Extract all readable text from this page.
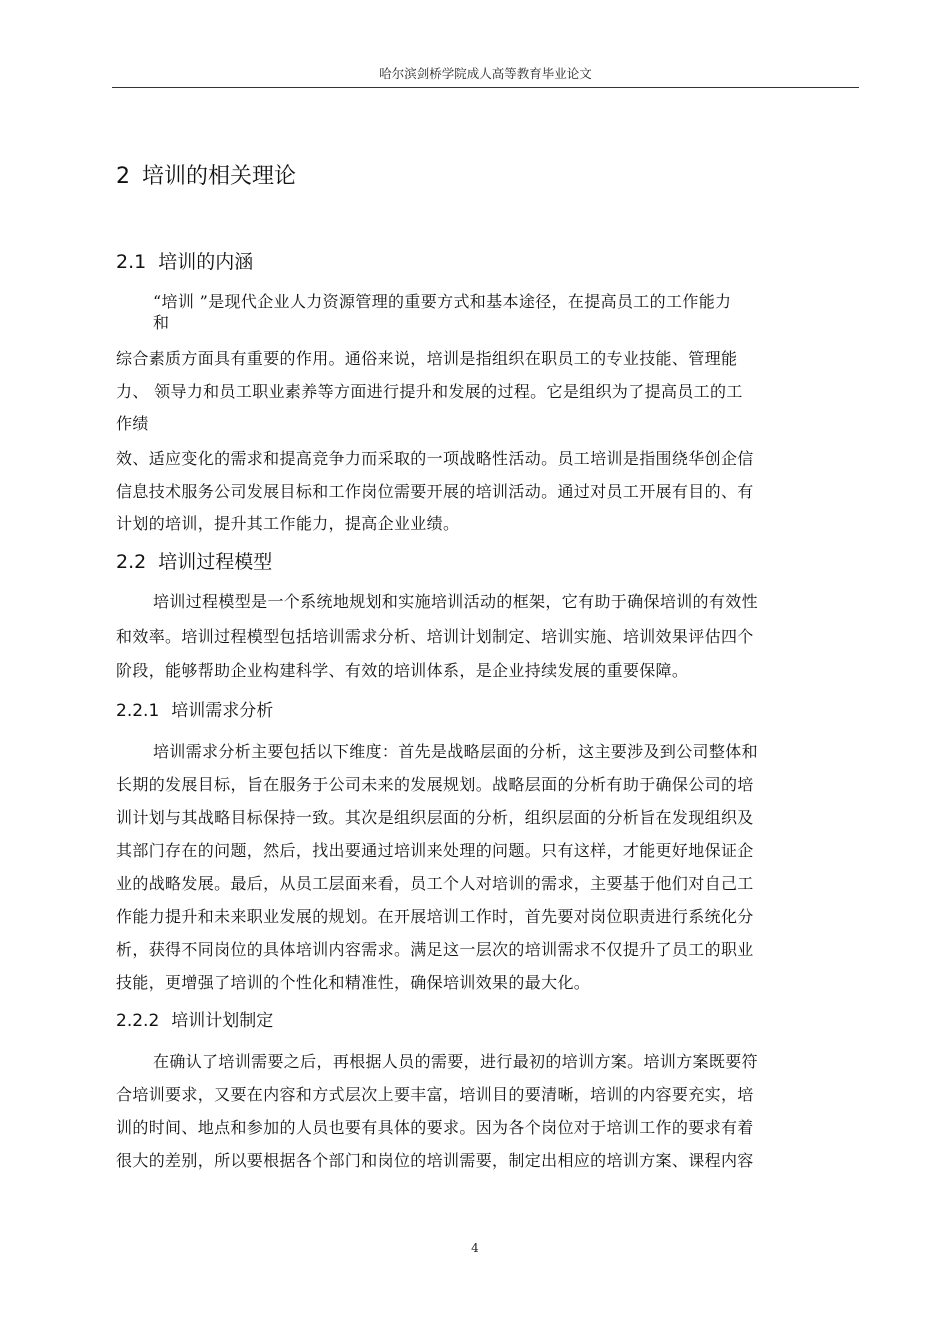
哈尔滨剑桥学院成人高等教育毕业论文
2 培训的相关理论
2.1 培训的内涵
“培训 ”是现代企业人力资源管理的重要方式和基本途径，在提高员工的工作能力
和
综合素质方面具有重要的作用。通俗来说，培训是指组织在职员工的专业技能、管理能
力、 领导力和员工职业素养等方面进行提升和发展的过程。它是组织为了提高员工的工
作绩
效、适应变化的需求和提高竞争力而采取的一项战略性活动。员工培训是指围绕华创企信
信息技术服务公司发展目标和工作岗位需要开展的培训活动。通过对员工开展有目的、有
计划的培训，提升其工作能力，提高企业业绩。
2.2 培训过程模型
培训过程模型是一个系统地规划和实施培训活动的框架，它有助于确保培训的有效性
和效率。培训过程模型包括培训需求分析、培训计划制定、培训实施、培训效果评估四个
阶段，能够帮助企业构建科学、有效的培训体系，是企业持续发展的重要保障。
2.2.1 培训需求分析
培训需求分析主要包括以下维度：首先是战略层面的分析，这主要涉及到公司整体和
长期的发展目标，旨在服务于公司未来的发展规划。战略层面的分析有助于确保公司的培
训计划与其战略目标保持一致。其次是组织层面的分析，组织层面的分析旨在发现组织及
其部门存在的问题，然后，找出要通过培训来处理的问题。只有这样，才能更好地保证企
业的战略发展。最后，从员工层面来看，员工个人对培训的需求，主要基于他们对自己工
作能力提升和未来职业发展的规划。在开展培训工作时，首先要对岗位职责进行系统化分
析，获得不同岗位的具体培训内容需求。满足这一层次的培训需求不仅提升了员工的职业
技能，更增强了培训的个性化和精准性，确保培训效果的最大化。
2.2.2 培训计划制定
在确认了培训需要之后，再根据人员的需要，进行最初的培训方案。培训方案既要符
合培训要求，又要在内容和方式层次上要丰富，培训目的要清晰，培训的内容要充实，培
训的时间、地点和参加的人员也要有具体的要求。因为各个岗位对于培训工作的要求有着
很大的差别，所以要根据各个部门和岗位的培训需要，制定出相应的培训方案、课程内容
4
